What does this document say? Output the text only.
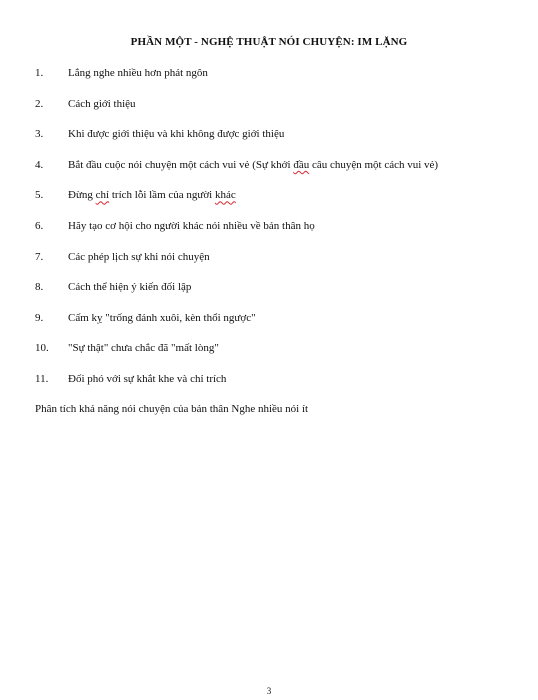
PHẦN MỘT - NGHỆ THUẬT NÓI CHUYỆN: IM LẶNG
1. Lắng nghe nhiều hơn phát ngôn
2. Cách giới thiệu
3. Khi được giới thiệu và khi không được giới thiệu
4. Bắt đầu cuộc nói chuyện một cách vui vẻ (Sự khởi đầu câu chuyện một cách vui vẻ)
5. Đừng chỉ trích lỗi lầm của người khác
6. Hãy tạo cơ hội cho người khác nói nhiều về bản thân họ
7. Các phép lịch sự khi nói chuyện
8. Cách thể hiện ý kiến đối lập
9. Cấm kỵ "trống đánh xuôi, kèn thổi ngược"
10. "Sự thật" chưa chắc đã "mất lòng"
11. Đối phó với sự khắt khe và chỉ trích
Phân tích khả năng nói chuyện của bản thân Nghe nhiều nói ít
3
